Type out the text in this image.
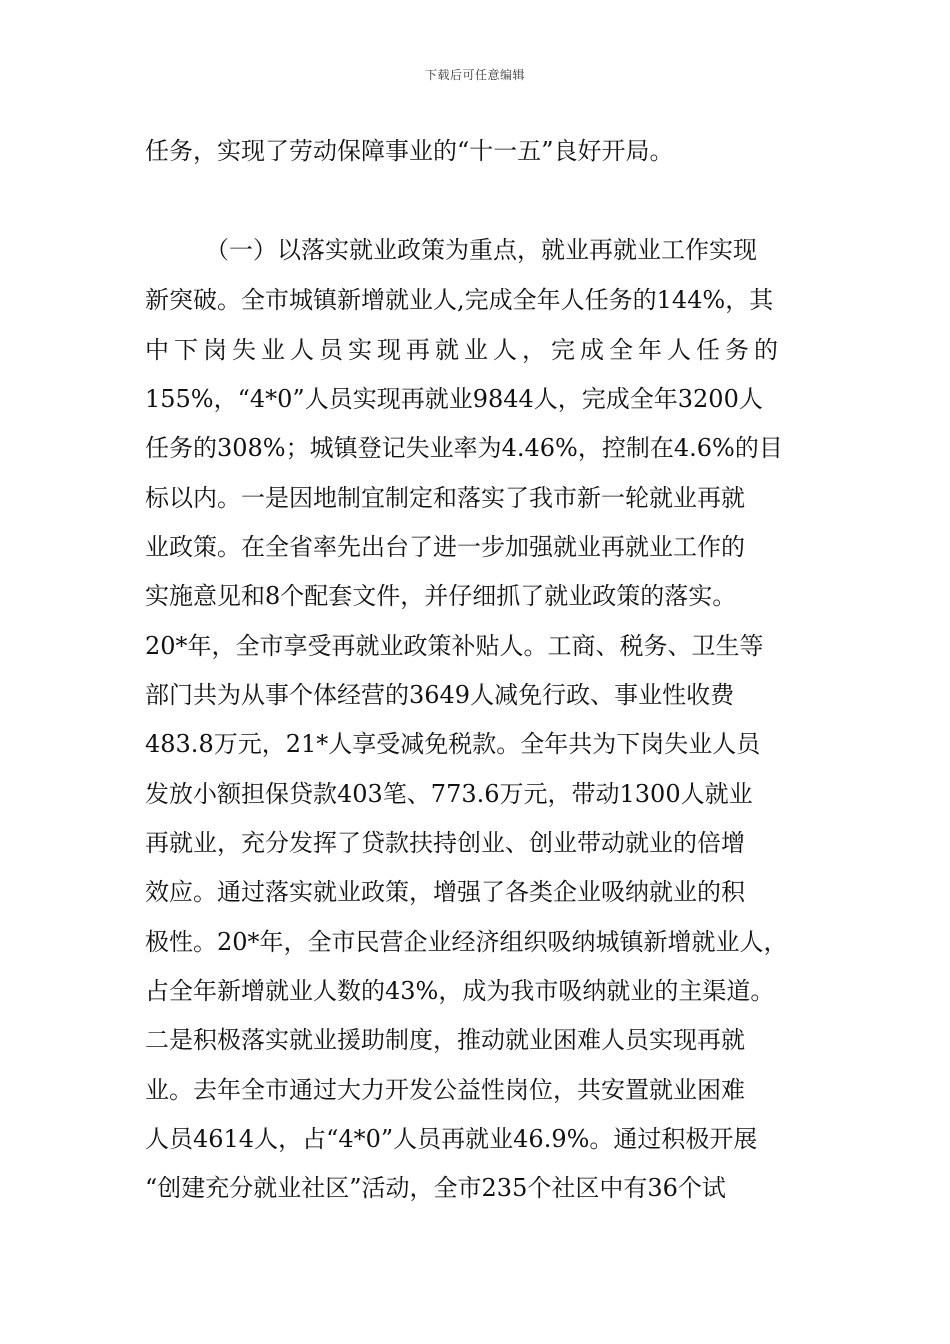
下载后可任意编辑
任务，实现了劳动保障事业的“十一五”良好开局。
（一）以落实就业政策为重点，就业再就业工作实现
新突破。全市城镇新增就业人,完成全年人任务的144%，其
中下岗失业人员实现再就业人，完成全年人任务的
155%，“4*0”人员实现再就业9844人，完成全年3200人
任务的308%；城镇登记失业率为4.46%，控制在4.6%的目
标以内。一是因地制宜制定和落实了我市新一轮就业再就
业政策。在全省率先出台了进一步加强就业再就业工作的
实施意见和8个配套文件，并仔细抓了就业政策的落实。
20*年，全市享受再就业政策补贴人。工商、税务、卫生等
部门共为从事个体经营的3649人减免行政、事业性收费
483.8万元，21*人享受减免税款。全年共为下岗失业人员
发放小额担保贷款403笔、773.6万元，带动1300人就业
再就业，充分发挥了贷款扶持创业、创业带动就业的倍增
效应。通过落实就业政策，增强了各类企业吸纳就业的积
极性。20*年，全市民营企业经济组织吸纳城镇新增就业人，
占全年新增就业人数的43%，成为我市吸纳就业的主渠道。
二是积极落实就业援助制度，推动就业困难人员实现再就
业。去年全市通过大力开发公益性岗位，共安置就业困难
人员4614人，占“4*0”人员再就业46.9%。通过积极开展
“创建充分就业社区”活动，全市235个社区中有36个试
